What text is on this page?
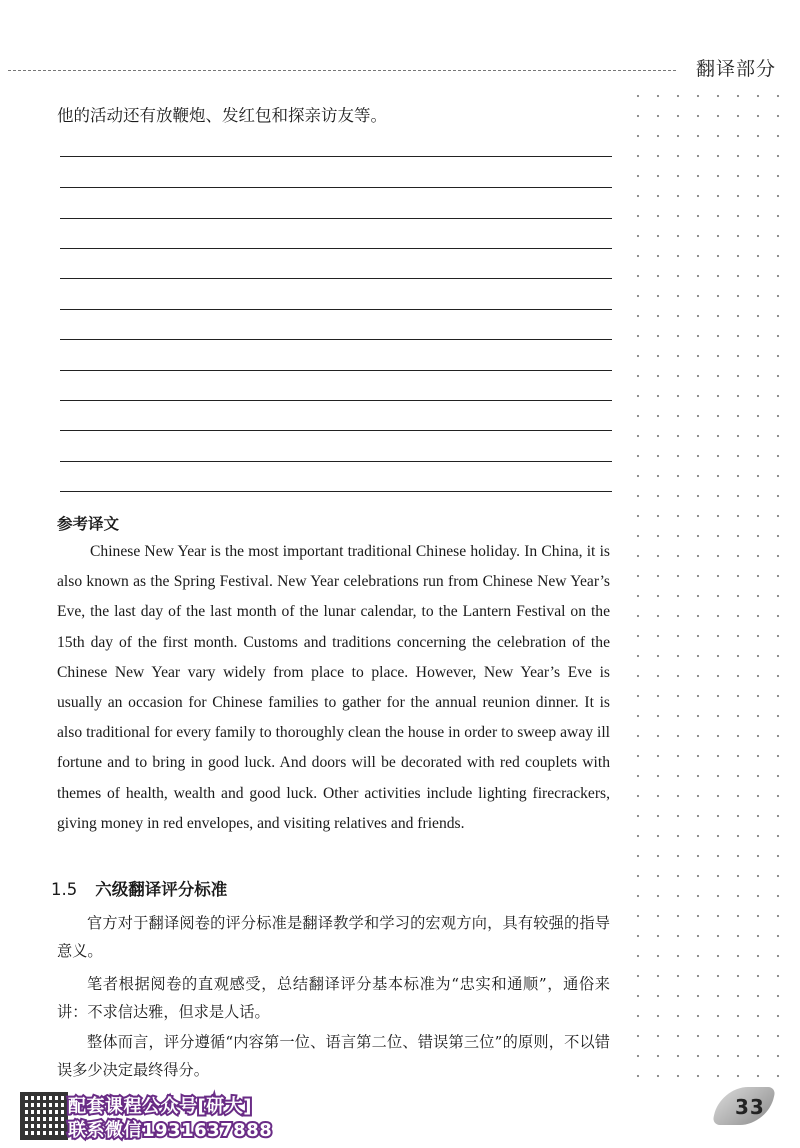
翻译部分
他的活动还有放鞭炮、发红包和探亲访友等。
参考译文

Chinese New Year is the most important traditional Chinese holiday. In China, it is also known as the Spring Festival. New Year celebrations run from Chinese New Year’s Eve, the last day of the last month of the lunar calendar, to the Lantern Festival on the 15th day of the first month. Customs and traditions concerning the celebration of the Chinese New Year vary widely from place to place. However, New Year’s Eve is usually an occasion for Chinese families to gather for the annual reunion dinner. It is also traditional for every family to thoroughly clean the house in order to sweep away ill fortune and to bring in good luck. And doors will be decorated with red couplets with themes of health, wealth and good luck. Other activities include lighting firecrackers, giving money in red envelopes, and visiting relatives and friends.

1.5 六级翻译评分标准

官方对于翻译阅卷的评分标准是翻译教学和学习的宏观方向，具有较强的指导意义。

笔者根据阅卷的直观感受，总结翻译评分基本标准为“忠实和通顺”，通俗来讲：不求信达雅，但求是人话。

整体而言，评分遵循“内容第一位、语言第二位、错误第三位”的原则，不以错误多少决定最终得分。

配套课程公众号[研大]
联系微信1931637888
33
